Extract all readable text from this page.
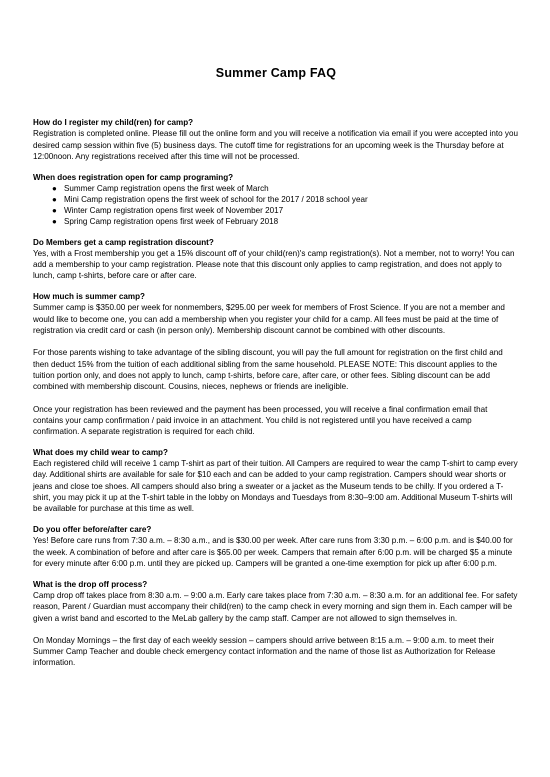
Summer Camp FAQ

How do I register my child(ren) for camp?

Registration is completed online. Please fill out the online form and you will receive a notification via email if you were accepted into you desired camp session within five (5) business days. The cutoff time for registrations for an upcoming week is the Thursday before at 12:00noon. Any registrations received after this time will not be processed.

When does registration open for camp programing?

● Summer Camp registration opens the first week of March
● Mini Camp registration opens the first week of school for the 2017 / 2018 school year
● Winter Camp registration opens first week of November 2017
● Spring Camp registration opens first week of February 2018

Do Members get a camp registration discount?

Yes, with a Frost membership you get a 15% discount off of your child(ren)'s camp registration(s). Not a member, not to worry! You can add a membership to your camp registration. Please note that this discount only applies to camp registration, and does not apply to lunch, camp t-shirts, before care or after care.

How much is summer camp?

Summer camp is $350.00 per week for nonmembers, $295.00 per week for members of Frost Science. If you are not a member and would like to become one, you can add a membership when you register your child for a camp. All fees must be paid at the time of registration via credit card or cash (in person only). Membership discount cannot be combined with other discounts.

For those parents wishing to take advantage of the sibling discount, you will pay the full amount for registration on the first child and then deduct 15% from the tuition of each additional sibling from the same household. PLEASE NOTE: This discount applies to the tuition portion only, and does not apply to lunch, camp t-shirts, before care, after care, or other fees. Sibling discount can be add combined with membership discount. Cousins, nieces, nephews or friends are ineligible.

Once your registration has been reviewed and the payment has been processed, you will receive a final confirmation email that contains your camp confirmation / paid invoice in an attachment. You child is not registered until you have received a camp confirmation. A separate registration is required for each child.

What does my child wear to camp?

Each registered child will receive 1 camp T-shirt as part of their tuition. All Campers are required to wear the camp T-shirt to camp every day. Additional shirts are available for sale for $10 each and can be added to your camp registration. Campers should wear shorts or jeans and close toe shoes. All campers should also bring a sweater or a jacket as the Museum tends to be chilly. If you ordered a T-shirt, you may pick it up at the T-shirt table in the lobby on Mondays and Tuesdays from 8:30–9:00 am. Additional Museum T-shirts will be available for purchase at this time as well.

Do you offer before/after care?

Yes! Before care runs from 7:30 a.m. – 8:30 a.m., and is $30.00 per week. After care runs from 3:30 p.m. – 6:00 p.m. and is $40.00 for the week. A combination of before and after care is $65.00 per week. Campers that remain after 6:00 p.m. will be charged $5 a minute for every minute after 6:00 p.m. until they are picked up. Campers will be granted a one-time exemption for pick up after 6:00 p.m.

What is the drop off process?

Camp drop off takes place from 8:30 a.m. – 9:00 a.m. Early care takes place from 7:30 a.m. – 8:30 a.m. for an additional fee. For safety reason, Parent / Guardian must accompany their child(ren) to the camp check in every morning and sign them in. Each camper will be given a wrist band and escorted to the MeLab gallery by the camp staff. Camper are not allowed to sign themselves in.

On Monday Mornings – the first day of each weekly session – campers should arrive between 8:15 a.m. – 9:00 a.m. to meet their Summer Camp Teacher and double check emergency contact information and the name of those list as Authorization for Release information.
